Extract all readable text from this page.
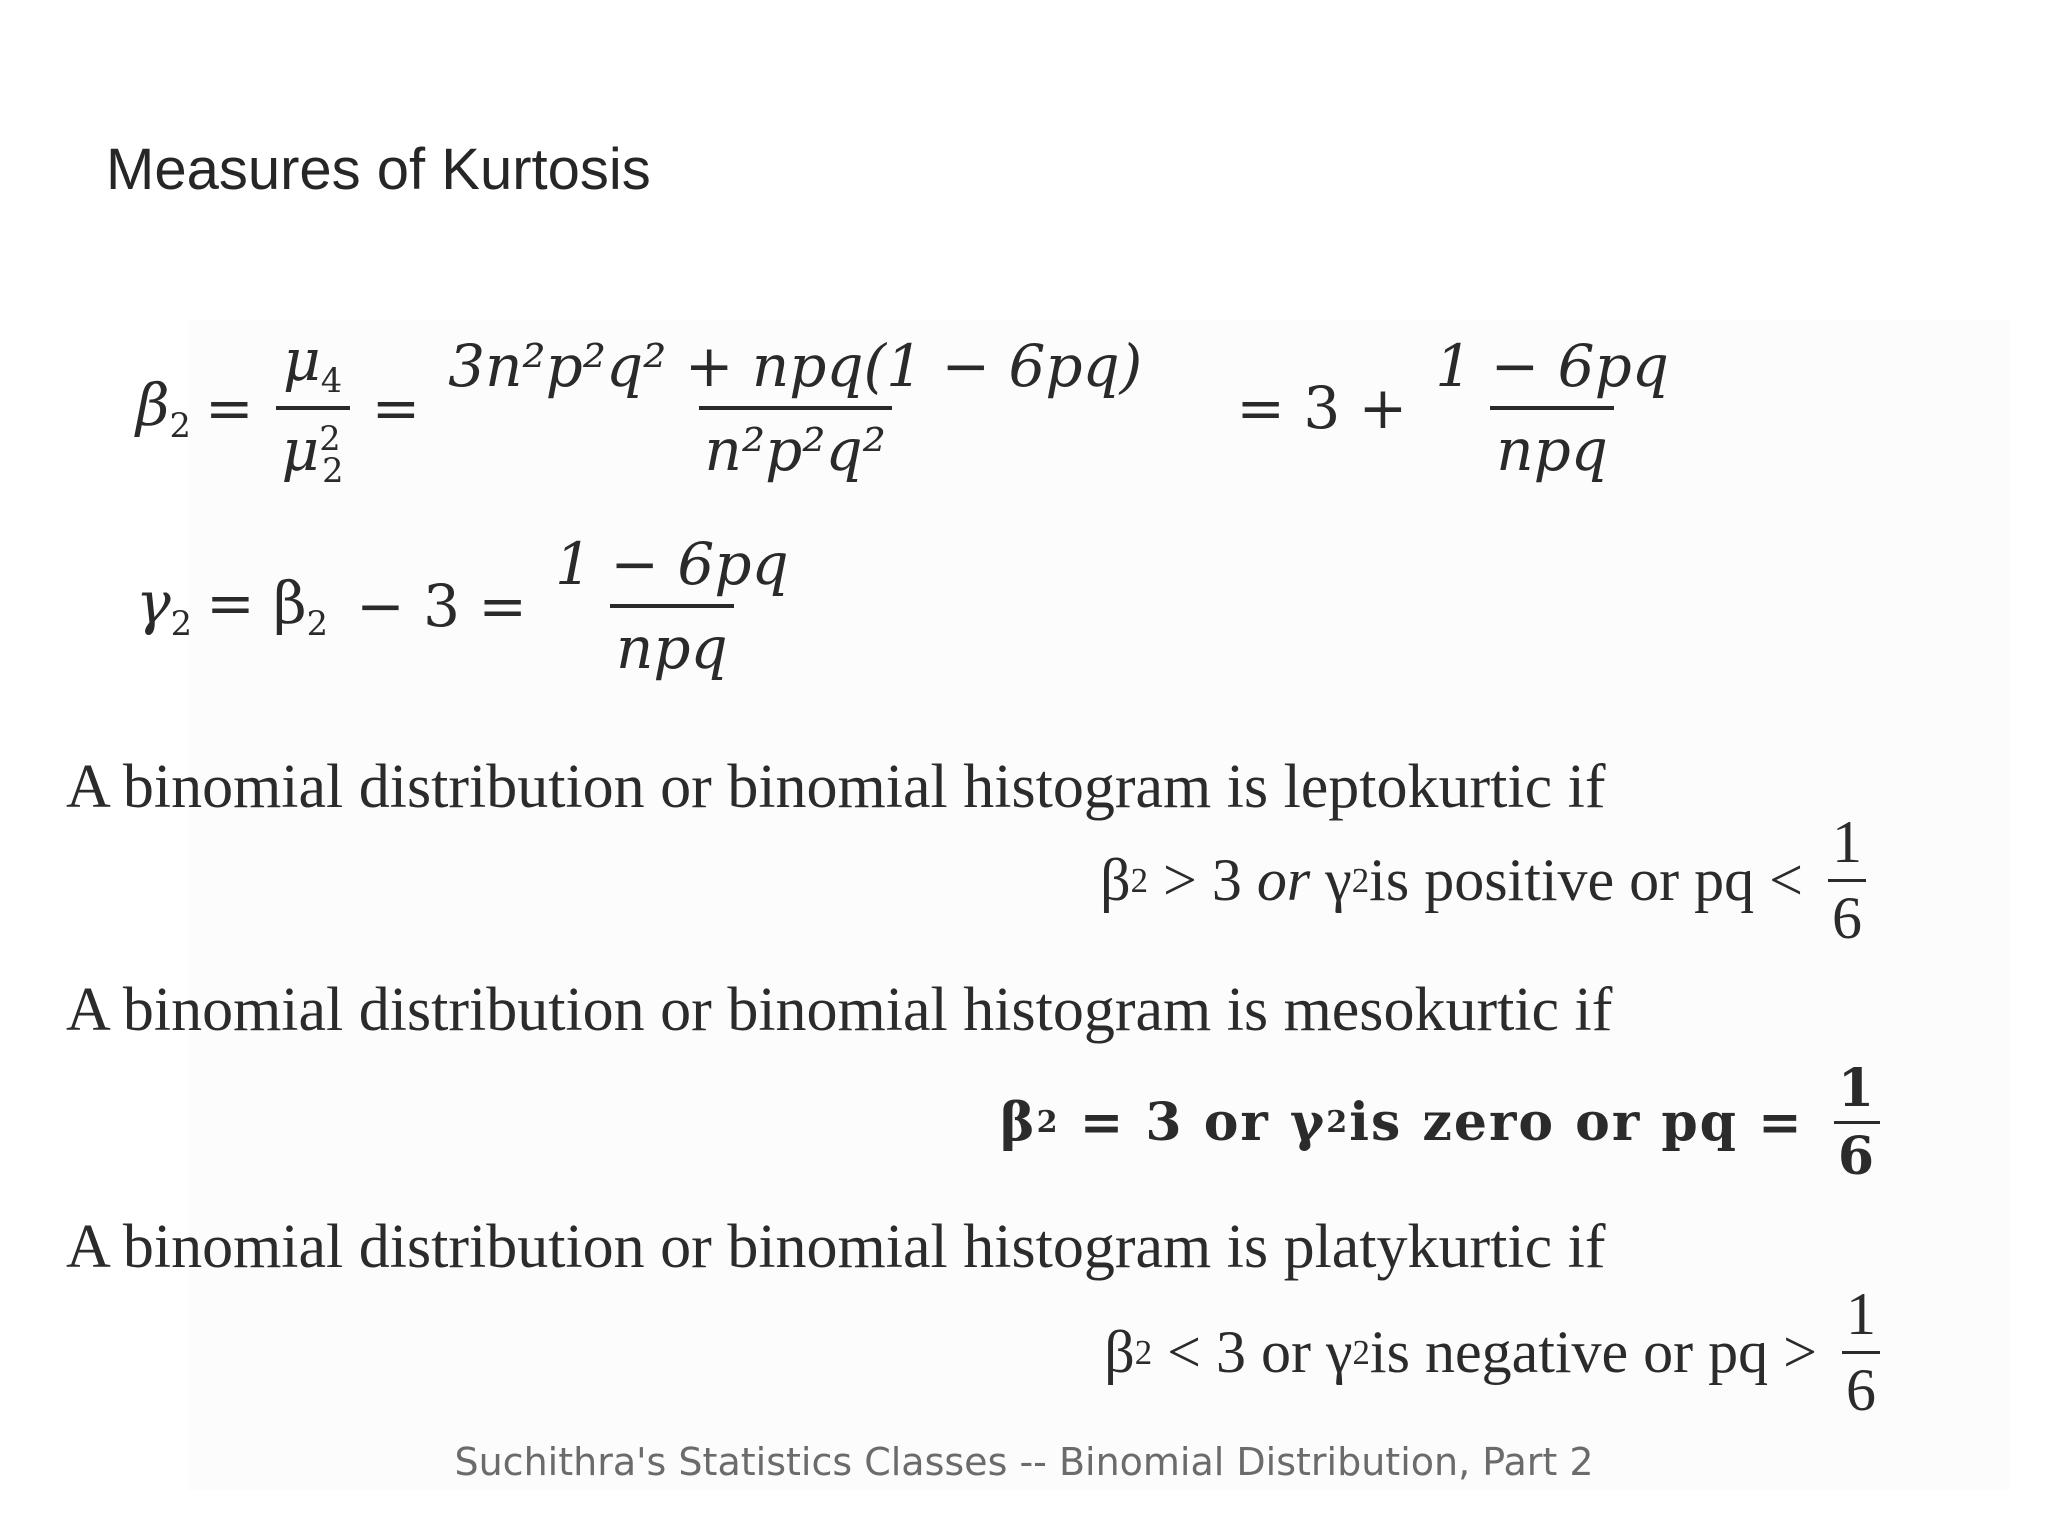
Measures of Kurtosis
$\beta_2 = \frac{\mu_4}{\mu^2_2} = \frac{\text{3n²p²q² + npq(1 − 6pq)}}{\text{n²p²q²}} = 3 + \frac{1 - 6pq}{\text{npq}}$
$\gamma_2 = \beta_2 - 3 = \frac{1 - 6pq}{\text{npq}}$
A binomial distribution or binomial histogram is leptokurtic if
β 2 > 3 or γ 2 is positive or pq < $\frac{1}{6}$
A binomial distribution or binomial histogram is mesokurtic if
β 2 = 3 or γ 2 is zero or pq = $\frac{1}{6}$
A binomial distribution or binomial histogram is platykurtic if
β 2 < 3 or γ 2 is negative or pq > $\frac{1}{6}$
Suchithra's Statistics Classes -- Binomial Distribution, Part 2
